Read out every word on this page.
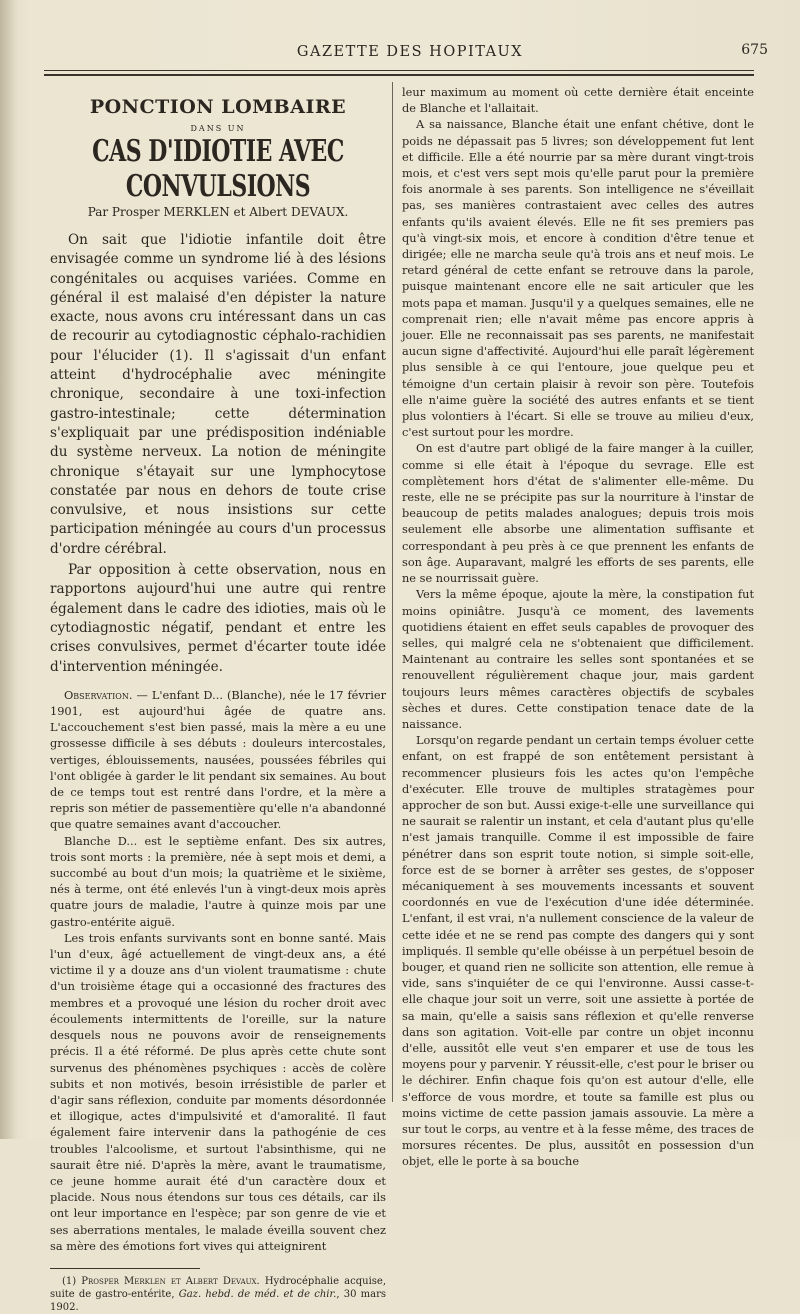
GAZETTE DES HOPITAUX	675
PONCTION LOMBAIRE
DANS UN
CAS D'IDIOTIE AVEC CONVULSIONS
Par Prosper MERKLEN et Albert DEVAUX.

On sait que l'idiotie infantile doit être envisagée comme un syndrome lié à des lésions congénitales ou acquises variées. Comme en général il est malaisé d'en dépister la nature exacte, nous avons cru intéressant dans un cas de recourir au cytodiagnostic céphalo-rachidien pour l'élucider (1). Il s'agissait d'un enfant atteint d'hydrocéphalie avec méningite chronique, secondaire à une toxi-infection gastro-intestinale; cette détermination s'expliquait par une prédisposition indéniable du système nerveux. La notion de méningite chronique s'étayait sur une lymphocytose constatée par nous en dehors de toute crise convulsive, et nous insistions sur cette participation méningée au cours d'un processus d'ordre cérébral.

Par opposition à cette observation, nous en rapportons aujourd'hui une autre qui rentre également dans le cadre des idioties, mais où le cytodiagnostic négatif, pendant et entre les crises convulsives, permet d'écarter toute idée d'intervention méningée.

Observation. — L'enfant D... (Blanche), née le 17 février 1901, est aujourd'hui âgée de quatre ans. L'accouchement s'est bien passé, mais la mère a eu une grossesse difficile à ses débuts : douleurs intercostales, vertiges, éblouissements, nausées, poussées fébriles qui l'ont obligée à garder le lit pendant six semaines. Au bout de ce temps tout est rentré dans l'ordre, et la mère a repris son métier de passementière qu'elle n'a abandonné que quatre semaines avant d'accoucher.

Blanche D... est le septième enfant. Des six autres, trois sont morts : la première, née à sept mois et demi, a succombé au bout d'un mois; la quatrième et le sixième, nés à terme, ont été enlevés l'un à vingt-deux mois après quatre jours de maladie, l'autre à quinze mois par une gastro-entérite aiguë.

Les trois enfants survivants sont en bonne santé. Mais l'un d'eux, âgé actuellement de vingt-deux ans, a été victime il y a douze ans d'un violent traumatisme : chute d'un troisième étage qui a occasionné des fractures des membres et a provoqué une lésion du rocher droit avec écoulements intermittents de l'oreille, sur la nature desquels nous ne pouvons avoir de renseignements précis. Il a été réformé. De plus après cette chute sont survenus des phénomènes psychiques : accès de colère subits et non motivés, besoin irrésistible de parler et d'agir sans réflexion, conduite par moments désordonnée et illogique, actes d'impulsivité et d'amoralité. Il faut également faire intervenir dans la pathogénie de ces troubles l'alcoolisme, et surtout l'absinthisme, qui ne saurait être nié. D'après la mère, avant le traumatisme, ce jeune homme aurait été d'un caractère doux et placide. Nous nous étendons sur tous ces détails, car ils ont leur importance en l'espèce; par son genre de vie et ses aberrations mentales, le malade éveilla souvent chez sa mère des émotions fort vives qui atteignirent

(1) Prosper Merklen et Albert Devaux. Hydrocéphalie acquise, suite de gastro-entérite, Gaz. hebd. de méd. et de chir., 30 mars 1902.

leur maximum au moment où cette dernière était enceinte de Blanche et l'allaitait.

A sa naissance, Blanche était une enfant chétive, dont le poids ne dépassait pas 5 livres; son développement fut lent et difficile. Elle a été nourrie par sa mère durant vingt-trois mois, et c'est vers sept mois qu'elle parut pour la première fois anormale à ses parents. Son intelligence ne s'éveillait pas, ses manières contrastaient avec celles des autres enfants qu'ils avaient élevés. Elle ne fit ses premiers pas qu'à vingt-six mois, et encore à condition d'être tenue et dirigée; elle ne marcha seule qu'à trois ans et neuf mois. Le retard général de cette enfant se retrouve dans la parole, puisque maintenant encore elle ne sait articuler que les mots papa et maman. Jusqu'il y a quelques semaines, elle ne comprenait rien; elle n'avait même pas encore appris à jouer. Elle ne reconnaissait pas ses parents, ne manifestait aucun signe d'affectivité. Aujourd'hui elle paraît légèrement plus sensible à ce qui l'entoure, joue quelque peu et témoigne d'un certain plaisir à revoir son père. Toutefois elle n'aime guère la société des autres enfants et se tient plus volontiers à l'écart. Si elle se trouve au milieu d'eux, c'est surtout pour les mordre.

On est d'autre part obligé de la faire manger à la cuiller, comme si elle était à l'époque du sevrage. Elle est complètement hors d'état de s'alimenter elle-même. Du reste, elle ne se précipite pas sur la nourriture à l'instar de beaucoup de petits malades analogues; depuis trois mois seulement elle absorbe une alimentation suffisante et correspondant à peu près à ce que prennent les enfants de son âge. Auparavant, malgré les efforts de ses parents, elle ne se nourrissait guère.

Vers la même époque, ajoute la mère, la constipation fut moins opiniâtre. Jusqu'à ce moment, des lavements quotidiens étaient en effet seuls capables de provoquer des selles, qui malgré cela ne s'obtenaient que difficilement. Maintenant au contraire les selles sont spontanées et se renouvellent régulièrement chaque jour, mais gardent toujours leurs mêmes caractères objectifs de scybales sèches et dures. Cette constipation tenace date de la naissance.

Lorsqu'on regarde pendant un certain temps évoluer cette enfant, on est frappé de son entêtement persistant à recommencer plusieurs fois les actes qu'on l'empêche d'exécuter. Elle trouve de multiples stratagèmes pour approcher de son but. Aussi exige-t-elle une surveillance qui ne saurait se ralentir un instant, et cela d'autant plus qu'elle n'est jamais tranquille. Comme il est impossible de faire pénétrer dans son esprit toute notion, si simple soit-elle, force est de se borner à arrêter ses gestes, de s'opposer mécaniquement à ses mouvements incessants et souvent coordonnés en vue de l'exécution d'une idée déterminée. L'enfant, il est vrai, n'a nullement conscience de la valeur de cette idée et ne se rend pas compte des dangers qui y sont impliqués. Il semble qu'elle obéisse à un perpétuel besoin de bouger, et quand rien ne sollicite son attention, elle remue à vide, sans s'inquiéter de ce qui l'environne. Aussi casse-t-elle chaque jour soit un verre, soit une assiette à portée de sa main, qu'elle a saisis sans réflexion et qu'elle renverse dans son agitation. Voit-elle par contre un objet inconnu d'elle, aussitôt elle veut s'en emparer et use de tous les moyens pour y parvenir. Y réussit-elle, c'est pour le briser ou le déchirer. Enfin chaque fois qu'on est autour d'elle, elle s'efforce de vous mordre, et toute sa famille est plus ou moins victime de cette passion jamais assouvie. La mère a sur tout le corps, au ventre et à la fesse même, des traces de morsures récentes. De plus, aussitôt en possession d'un objet, elle le porte à sa bouche
